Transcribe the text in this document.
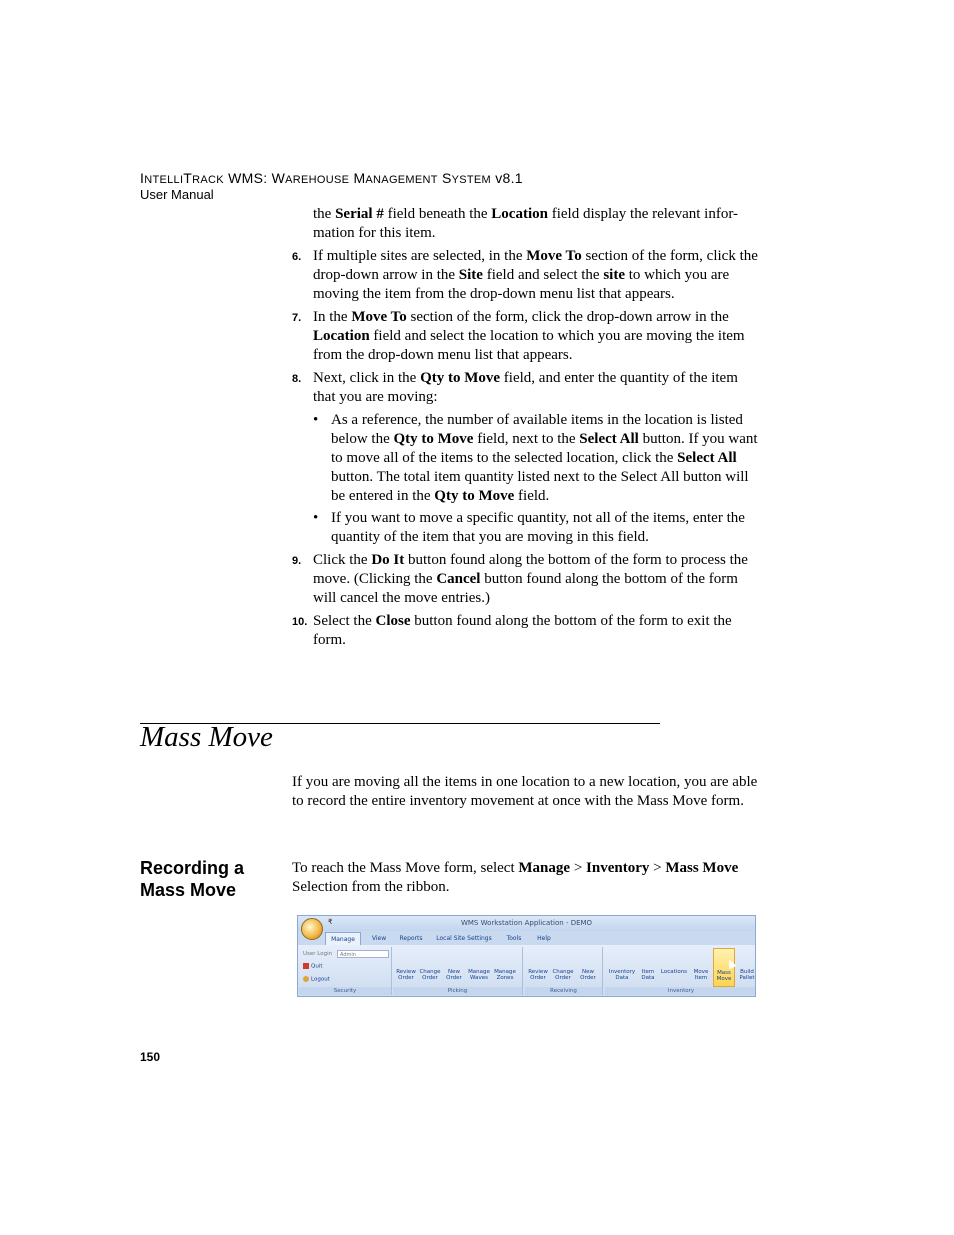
INTELLITRACK WMS: WAREHOUSE MANAGEMENT SYSTEM v8.1
User Manual
the Serial # field beneath the Location field display the relevant infor-mation for this item.
6. If multiple sites are selected, in the Move To section of the form, click the drop-down arrow in the Site field and select the site to which you are moving the item from the drop-down menu list that appears.
7. In the Move To section of the form, click the drop-down arrow in the Location field and select the location to which you are moving the item from the drop-down menu list that appears.
8. Next, click in the Qty to Move field, and enter the quantity of the item that you are moving:
• As a reference, the number of available items in the location is listed below the Qty to Move field, next to the Select All button. If you want to move all of the items to the selected location, click the Select All button. The total item quantity listed next to the Select All button will be entered in the Qty to Move field.
• If you want to move a specific quantity, not all of the items, enter the quantity of the item that you are moving in this field.
9. Click the Do It button found along the bottom of the form to process the move. (Clicking the Cancel button found along the bottom of the form will cancel the move entries.)
10. Select the Close button found along the bottom of the form to exit the form.
Mass Move
If you are moving all the items in one location to a new location, you are able to record the entire inventory movement at once with the Mass Move form.
Recording a Mass Move
To reach the Mass Move form, select Manage > Inventory > Mass Move Selection from the ribbon.
WMS Workstation Application - DEMO
₹
Manage	View	Reports	Local Site Settings	Tools	Help
User Login	Admin
Quit
Logout
Security
Review
Order
Change
Order
New
Order
Manage
Waves
Manage
Zones
Picking
Review
Order
Change
Order
New
Order
Receiving
Inventory
Data
Item
Data
Locations	Move
Item
Mass
Move
Build
Pallet
Inventory
150
